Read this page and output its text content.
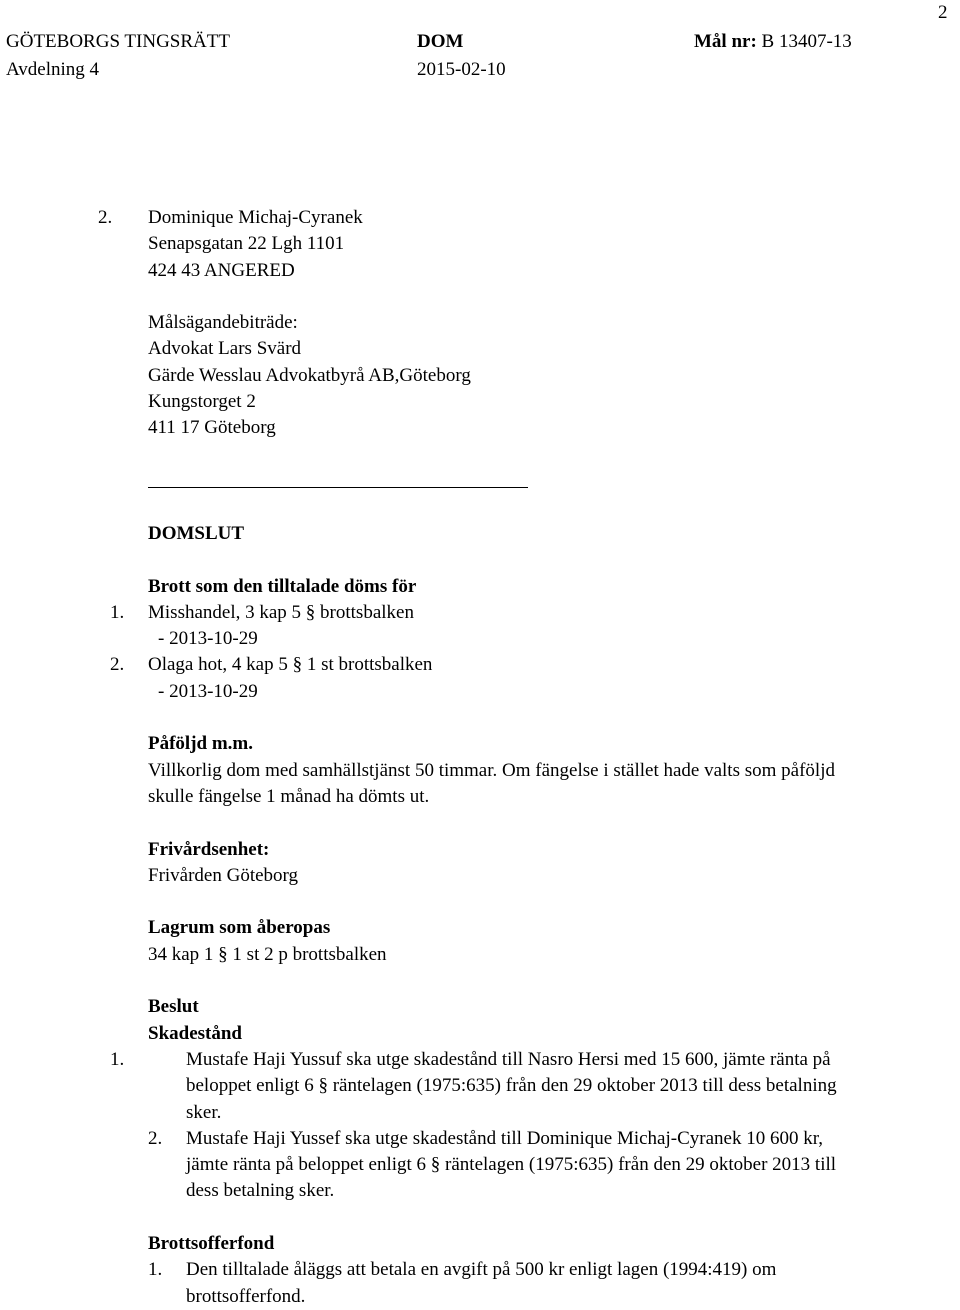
GÖTEBORGS TINGSRÄTT	DOM	Mål nr: B 13407-13
2
Avdelning 4	2015-02-10
2. Dominique Michaj-Cyranek
Senapsgatan 22 Lgh 1101
424 43 ANGERED
Målsägandebiträde:
Advokat Lars Svärd
Gärde Wesslau Advokatbyrå AB,Göteborg
Kungstorget 2
411 17 Göteborg
DOMSLUT
Brott som den tilltalade döms för
1. Misshandel, 3 kap 5 § brottsbalken
- 2013-10-29
2. Olaga hot, 4 kap 5 § 1 st brottsbalken
- 2013-10-29
Påföljd m.m.
Villkorlig dom med samhällstjänst 50 timmar. Om fängelse i stället hade valts som påföljd
skulle fängelse 1 månad ha dömts ut.
Frivårdsenhet:
Frivården Göteborg
Lagrum som åberopas
34 kap 1 § 1 st 2 p brottsbalken
Beslut
Skadestånd
1.	Mustafe Haji Yussuf ska utge skadestånd till Nasro Hersi med 15 600, jämte ränta på
beloppet enligt 6 § räntelagen (1975:635) från den 29 oktober 2013 till dess betalning
sker.
2. Mustafe Haji Yussef ska utge skadestånd till Dominique Michaj-Cyranek 10 600 kr,
jämte ränta på beloppet enligt 6 § räntelagen (1975:635) från den 29 oktober 2013 till
dess betalning sker.
Brottsofferfond
1. Den tilltalade åläggs att betala en avgift på 500 kr enligt lagen (1994:419) om
brottsofferfond.
